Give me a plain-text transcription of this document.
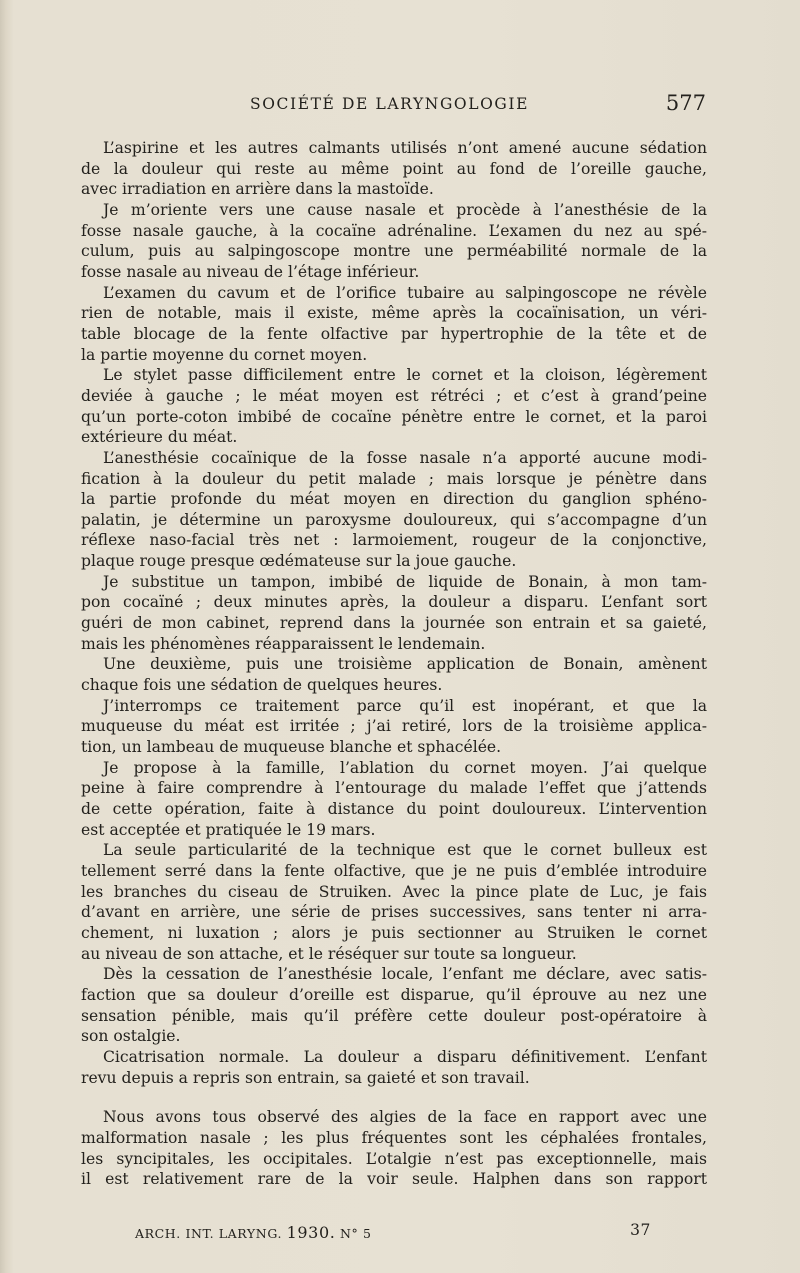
SOCIÉTÉ DE LARYNGOLOGIE	577

L’aspirine et les autres calmants utilisés n’ont amené aucune sédation
de la douleur qui reste au même point au fond de l’oreille gauche,
avec irradiation en arrière dans la mastoïde.

Je m’oriente vers une cause nasale et procède à l’anesthésie de la
fosse nasale gauche, à la cocaïne adrénaline. L’examen du nez au spé-
culum, puis au salpingoscope montre une perméabilité normale de la
fosse nasale au niveau de l’étage inférieur.

L’examen du cavum et de l’orifice tubaire au salpingoscope ne révèle
rien de notable, mais il existe, même après la cocaïnisation, un véri-
table blocage de la fente olfactive par hypertrophie de la tête et de
la partie moyenne du cornet moyen.

Le stylet passe difficilement entre le cornet et la cloison, légèrement
deviée à gauche ; le méat moyen est rétréci ; et c’est à grand’peine
qu’un porte-coton imbibé de cocaïne pénètre entre le cornet, et la paroi
extérieure du méat.

L’anesthésie cocaïnique de la fosse nasale n’a apporté aucune modi-
fication à la douleur du petit malade ; mais lorsque je pénètre dans
la partie profonde du méat moyen en direction du ganglion sphéno-
palatin, je détermine un paroxysme douloureux, qui s’accompagne d’un
réflexe naso-facial très net : larmoiement, rougeur de la conjonctive,
plaque rouge presque œdémateuse sur la joue gauche.

Je substitue un tampon, imbibé de liquide de Bonain, à mon tam-
pon cocaïné ; deux minutes après, la douleur a disparu. L’enfant sort
guéri de mon cabinet, reprend dans la journée son entrain et sa gaieté,
mais les phénomènes réapparaissent le lendemain.

Une deuxième, puis une troisième application de Bonain, amènent
chaque fois une sédation de quelques heures.

J’interromps ce traitement parce qu’il est inopérant, et que la
muqueuse du méat est irritée ; j’ai retiré, lors de la troisième applica-
tion, un lambeau de muqueuse blanche et sphacélée.

Je propose à la famille, l’ablation du cornet moyen. J’ai quelque
peine à faire comprendre à l’entourage du malade l’effet que j’attends
de cette opération, faite à distance du point douloureux. L’intervention
est acceptée et pratiquée le 19 mars.

La seule particularité de la technique est que le cornet bulleux est
tellement serré dans la fente olfactive, que je ne puis d’emblée introduire
les branches du ciseau de Struiken. Avec la pince plate de Luc, je fais
d’avant en arrière, une série de prises successives, sans tenter ni arra-
chement, ni luxation ; alors je puis sectionner au Struiken le cornet
au niveau de son attache, et le réséquer sur toute sa longueur.

Dès la cessation de l’anesthésie locale, l’enfant me déclare, avec satis-
faction que sa douleur d’oreille est disparue, qu’il éprouve au nez une
sensation pénible, mais qu’il préfère cette douleur post-opératoire à
son ostalgie.

Cicatrisation normale. La douleur a disparu définitivement. L’enfant
revu depuis a repris son entrain, sa gaieté et son travail.

Nous avons tous observé des algies de la face en rapport avec une
malformation nasale ; les plus fréquentes sont les céphalées frontales,
les syncipitales, les occipitales. L’otalgie n’est pas exceptionnelle, mais
il est relativement rare de la voir seule. Halphen dans son rapport

ARCH. INT. LARYNG. 1930. N° 5	37
